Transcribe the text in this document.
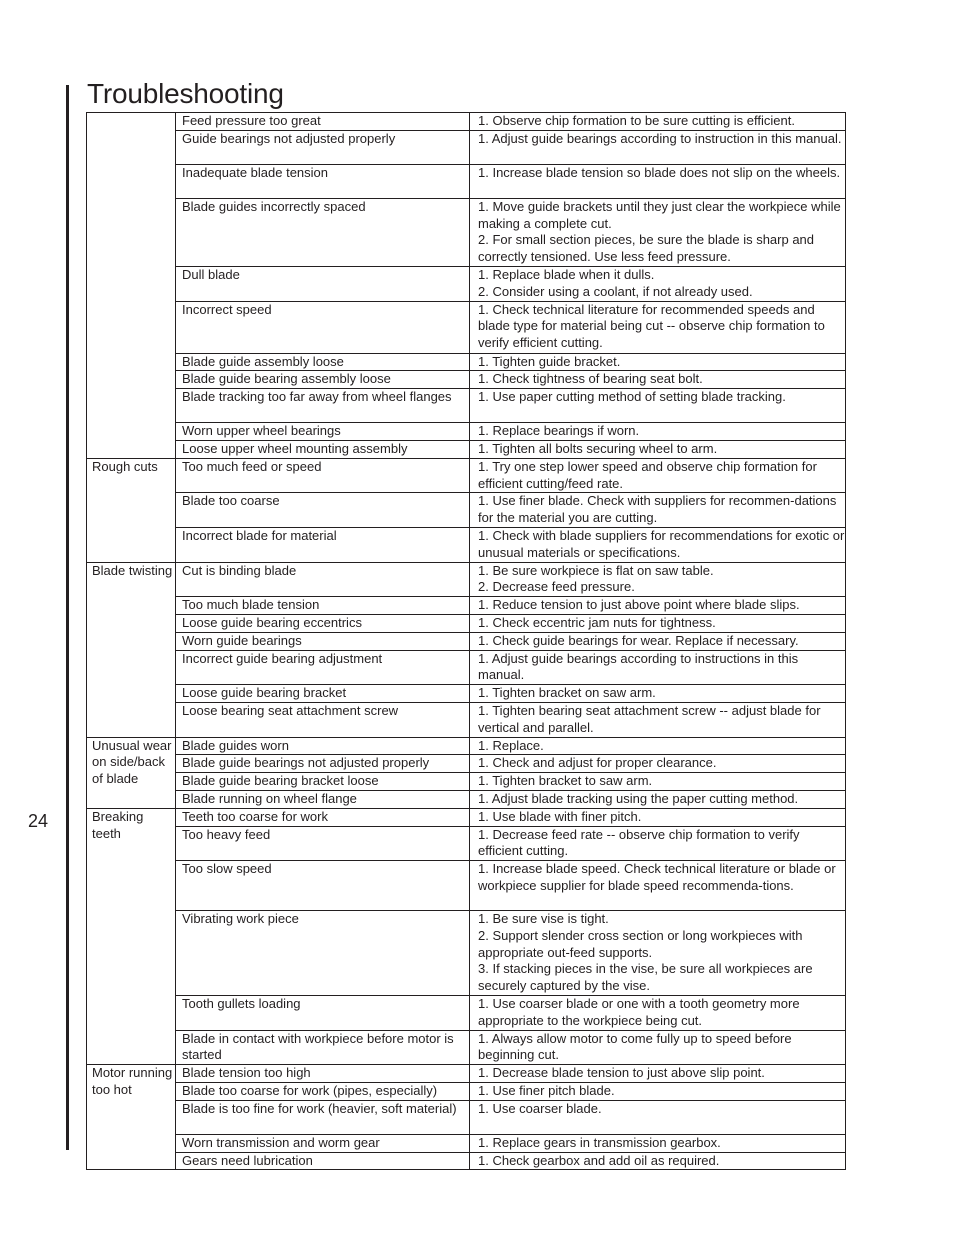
Troubleshooting
24
	Feed pressure too great	1. Observe chip formation to be sure cutting is efficient.

	Guide bearings not adjusted properly	1. Adjust guide bearings according to instruction in this manual.

	Inadequate blade tension	1. Increase blade tension so blade does not slip on the wheels.

	Blade guides incorrectly spaced	1. Move guide brackets until they just clear the workpiece while making a complete cut.
2. For small section pieces, be sure the blade is sharp and correctly tensioned. Use less feed pressure.

	Dull blade	1. Replace blade when it dulls.
2. Consider using a coolant, if not already used.

	Incorrect speed	1. Check technical literature for recommended speeds and blade type for material being cut -- observe chip formation to verify efficient cutting.

	Blade guide assembly loose	1. Tighten guide bracket.

	Blade guide bearing assembly loose	1. Check tightness of bearing seat bolt.

	Blade tracking too far away from wheel flanges	1. Use paper cutting method of setting blade tracking.

	Worn upper wheel bearings	1. Replace bearings if worn.

	Loose upper wheel mounting assembly	1. Tighten all bolts securing wheel to arm.

Rough cuts	Too much feed or speed	1. Try one step lower speed and observe chip formation for efficient cutting/feed rate.

	Blade too coarse	1. Use finer blade. Check with suppliers for recommen-dations for the material you are cutting.

	Incorrect blade for material	1. Check with blade suppliers for recommendations for exotic or unusual materials or specifications.

Blade twisting	Cut is binding blade	1. Be sure workpiece is flat on saw table.
2. Decrease feed pressure.

	Too much blade tension	1. Reduce tension to just above point where blade slips.

	Loose guide bearing eccentrics	1. Check eccentric jam nuts for tightness.

	Worn guide bearings	1. Check guide bearings for wear. Replace if necessary.

	Incorrect guide bearing adjustment	1. Adjust guide bearings according to instructions in this manual.

	Loose guide bearing bracket	1. Tighten bracket on saw arm.

	Loose bearing seat attachment screw	1. Tighten bearing seat attachment screw -- adjust blade for vertical and parallel.

Unusual wear on side/back of blade	Blade guides worn	1. Replace.

	Blade guide bearings not adjusted properly	1. Check and adjust for proper clearance.

	Blade guide bearing bracket loose	1. Tighten bracket to saw arm.

	Blade running on wheel flange	1. Adjust blade tracking using the paper cutting method.

Breaking teeth	Teeth too coarse for work	1. Use blade with finer pitch.

	Too heavy feed	1. Decrease feed rate -- observe chip formation to verify efficient cutting.

	Too slow speed	1. Increase blade speed. Check technical literature or blade or workpiece supplier for blade speed recommenda-tions.

	Vibrating work piece	1. Be sure vise is tight.
2. Support slender cross section or long workpieces with appropriate out-feed supports.
3. If stacking pieces in the vise, be sure all workpieces are securely captured by the vise.

	Tooth gullets loading	1. Use coarser blade or one with a tooth geometry more appropriate to the workpiece being cut.

	Blade in contact with workpiece before motor is started	1. Always allow motor to come fully up to speed before beginning cut.

Motor running too hot	Blade tension too high	1. Decrease blade tension to just above slip point.

	Blade too coarse for work (pipes, especially)	1. Use finer pitch blade.

	Blade is too fine for work (heavier, soft material)	1. Use coarser blade.

	Worn transmission and worm gear	1. Replace gears in transmission gearbox.

	Gears need lubrication	1. Check gearbox and add oil as required.
